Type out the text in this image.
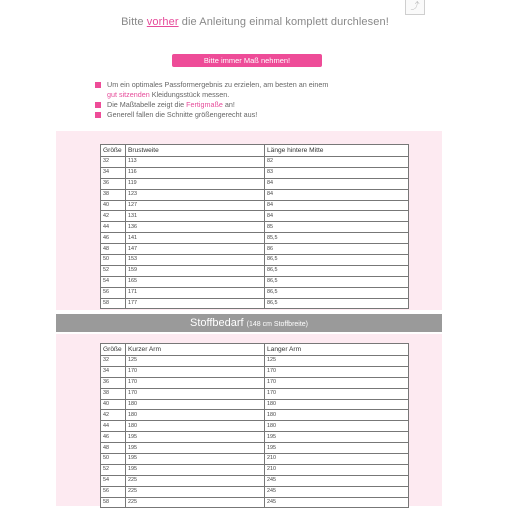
⤴
Bitte vorher die Anleitung einmal komplett durchlesen!
Bitte immer Maß nehmen!
Um ein optimales Passformergebnis zu erzielen, am besten an einem
gut sitzenden Kleidungsstück messen.
Die Maßtabelle zeigt die Fertigmaße an!
Generell fallen die Schnitte größengerecht aus!
Größe	Brustweite	Länge hintere Mitte
32	113	82
34	116	83
36	119	84
38	123	84
40	127	84
42	131	84
44	136	85
46	141	85,5
48	147	86
50	153	86,5
52	159	86,5
54	165	86,5
56	171	86,5
58	177	86,5
Stoffbedarf (148 cm Stoffbreite)
Größe	Kurzer Arm	Langer Arm
32	125	125
34	170	170
36	170	170
38	170	170
40	180	180
42	180	180
44	180	180
46	195	195
48	195	195
50	195	210
52	195	210
54	225	245
56	225	245
58	225	245
